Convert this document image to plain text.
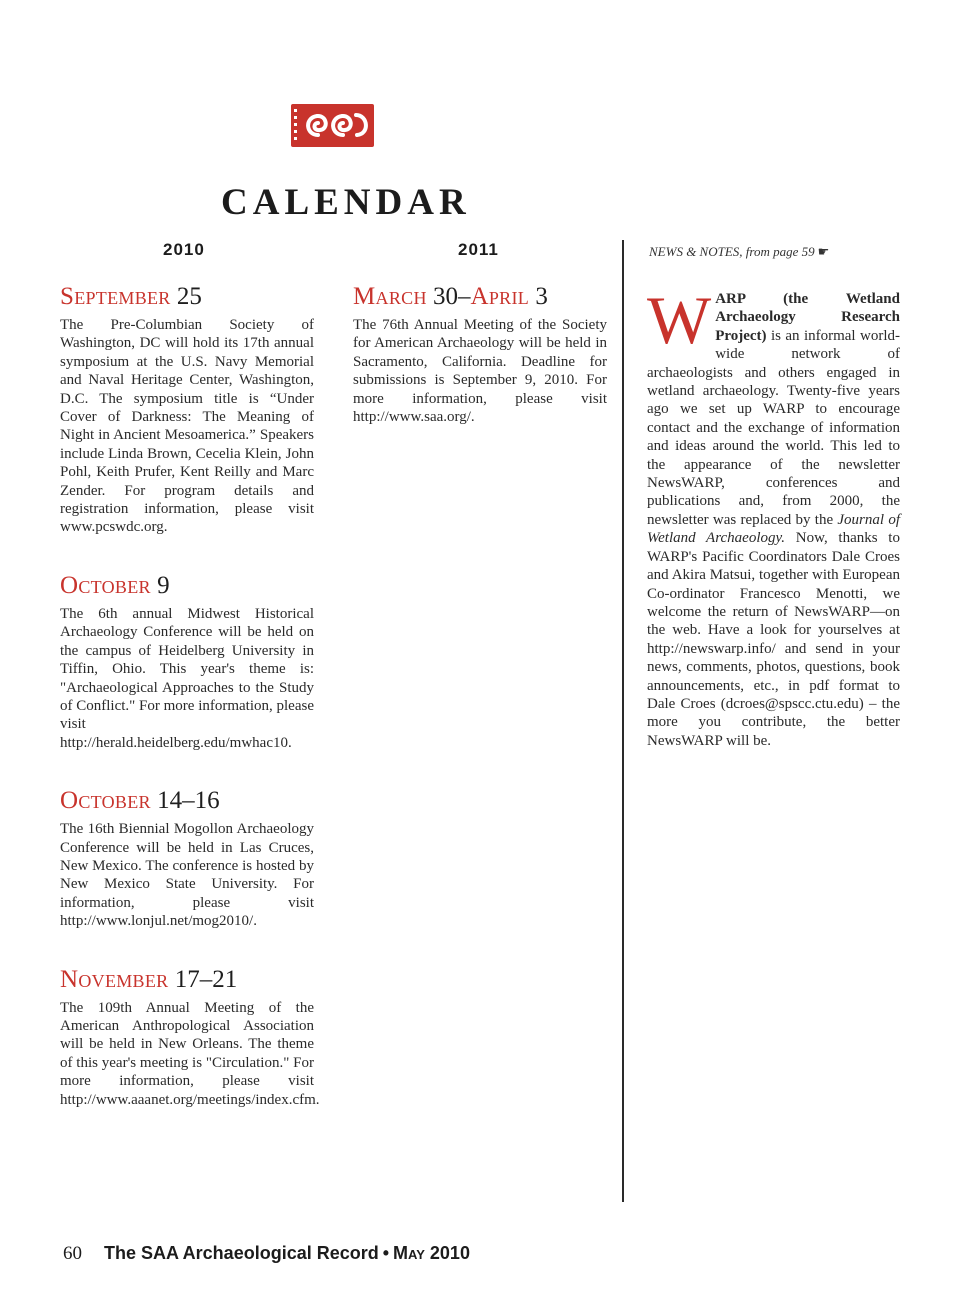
CALENDAR
2010	2011
September 25

The Pre-Columbian Society of Washington, DC will hold its 17th annual symposium at the U.S. Navy Memorial and Naval Heritage Center, Washington, D.C. The symposium title is “Under Cover of Darkness: The Meaning of Night in Ancient Mesoamerica.” Speakers include Linda Brown, Cecelia Klein, John Pohl, Keith Prufer, Kent Reilly and Marc Zender. For program details and registration information, please visit www.pcswdc.org.

October 9

The 6th annual Midwest Historical Archaeology Conference will be held on the campus of Heidelberg University in Tiffin, Ohio. This year's theme is: "Archaeological Approaches to the Study of Conflict." For more information, please visit http://herald.heidelberg.edu/mwhac10.

October 14–16

The 16th Biennial Mogollon Archaeology Conference will be held in Las Cruces, New Mexico. The conference is hosted by New Mexico State University. For information, please visit http://www.lonjul.net/mog2010/.

November 17–21

The 109th Annual Meeting of the American Anthropological Association will be held in New Orleans. The theme of this year's meeting is "Circulation." For more information, please visit http://www.aaanet.org/meetings/index.cfm.

March 30–April 3

The 76th Annual Meeting of the Society for American Archaeology will be held in Sacramento, California. Deadline for submissions is September 9, 2010. For more information, please visit http://www.saa.org/.

NEWS & NOTES, from page 59 ☛

WARP (the Wetland Archaeology Research Project) is an informal world-wide network of archaeologists and others engaged in wetland archaeology. Twenty-five years ago we set up WARP to encourage contact and the exchange of information and ideas around the world. This led to the appearance of the newsletter NewsWARP, conferences and publications and, from 2000, the newsletter was replaced by the Journal of Wetland Archaeology. Now, thanks to WARP's Pacific Coordinators Dale Croes and Akira Matsui, together with European Co-ordinator Francesco Menotti, we welcome the return of NewsWARP—on the web. Have a look for yourselves at http://newswarp.info/ and send in your news, comments, photos, questions, book announcements, etc., in pdf format to Dale Croes (dcroes@spscc.ctu.edu) – the more you contribute, the better NewsWARP will be.

60 The SAA Archaeological Record • May 2010
